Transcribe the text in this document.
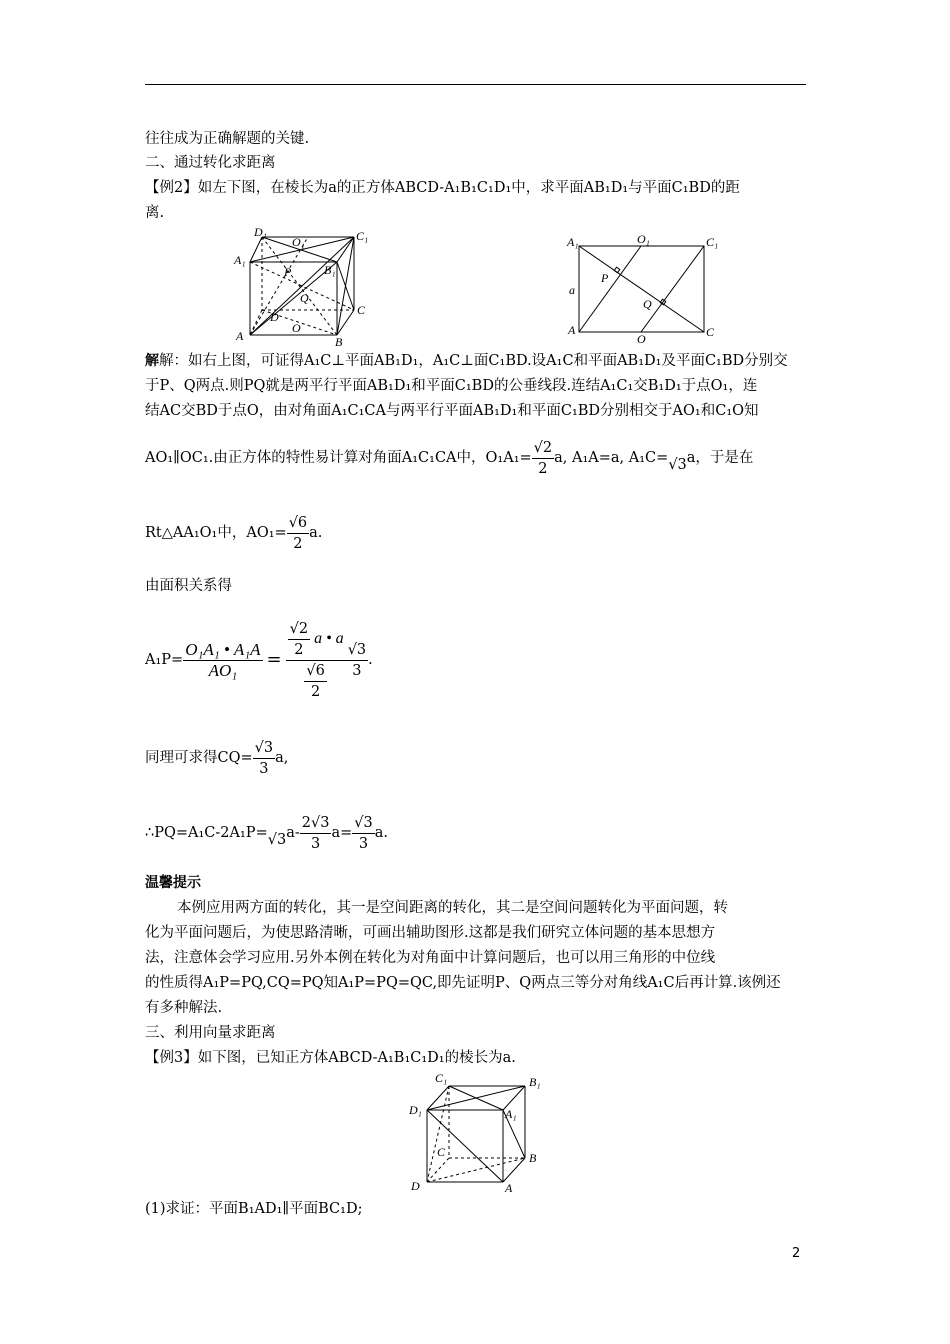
往往成为正确解题的关键.
二、通过转化求距离
【例2】如左下图，在棱长为a的正方体ABCD-A₁B₁C₁D₁中，求平面AB₁D₁与平面C₁BD的距
离.
D₁
O₁	C₁
A₁
B₁
P
Q
C
D
O
A	B
A₁	O₁	C₁
a
P
Q
A
O	C
解解：如右上图，可证得A₁C⊥平面AB₁D₁，A₁C⊥面C₁BD.设A₁C和平面AB₁D₁及平面C₁BD分别交
于P、Q两点.则PQ就是两平行平面AB₁D₁和平面C₁BD的公垂线段.连结A₁C₁交B₁D₁于点O₁，连
结AC交BD于点O，由对角面A₁C₁CA与两平行平面AB₁D₁和平面C₁BD分别相交于AO₁和C₁O知
AO₁∥OC₁.由正方体的特性易计算对角面A₁C₁CA中，$O_1A_1= \frac{√2}{2} a$, A₁A=a, A₁C= √3 a，于是在
Rt△AA₁O₁中，$AO_1= \frac{√6}{2} a$.
由面积关系得
$A_1P= \frac{\text{O₁A₁ • A₁A}}{\text{AO₁}} = \frac{\frac{√2}{2} a • a}{\frac{√6}{2}} \frac{√3}{3}$ .
同理可求得$CQ= \frac{√3}{3} a$,
∴PQ=A₁C-2A₁P= √3 $a- \frac{2√3}{3} a= \frac{√3}{3} a$.
温馨提示
本例应用两方面的转化，其一是空间距离的转化，其二是空间问题转化为平面问题，转
化为平面问题后，为使思路清晰，可画出辅助图形.这都是我们研究立体问题的基本思想方
法，注意体会学习应用.另外本例在转化为对角面中计算问题后，也可以用三角形的中位线
的性质得A₁P=PQ,CQ=PQ知A₁P=PQ=QC,即先证明P、Q两点三等分对角线A₁C后再计算.该例还
有多种解法.
三、利用向量求距离
【例3】如下图，已知正方体ABCD-A₁B₁C₁D₁的棱长为a.
C₁	B₁
D₁	A₁
C	B
D	A
(1)求证：平面B₁AD₁∥平面BC₁D;
2
